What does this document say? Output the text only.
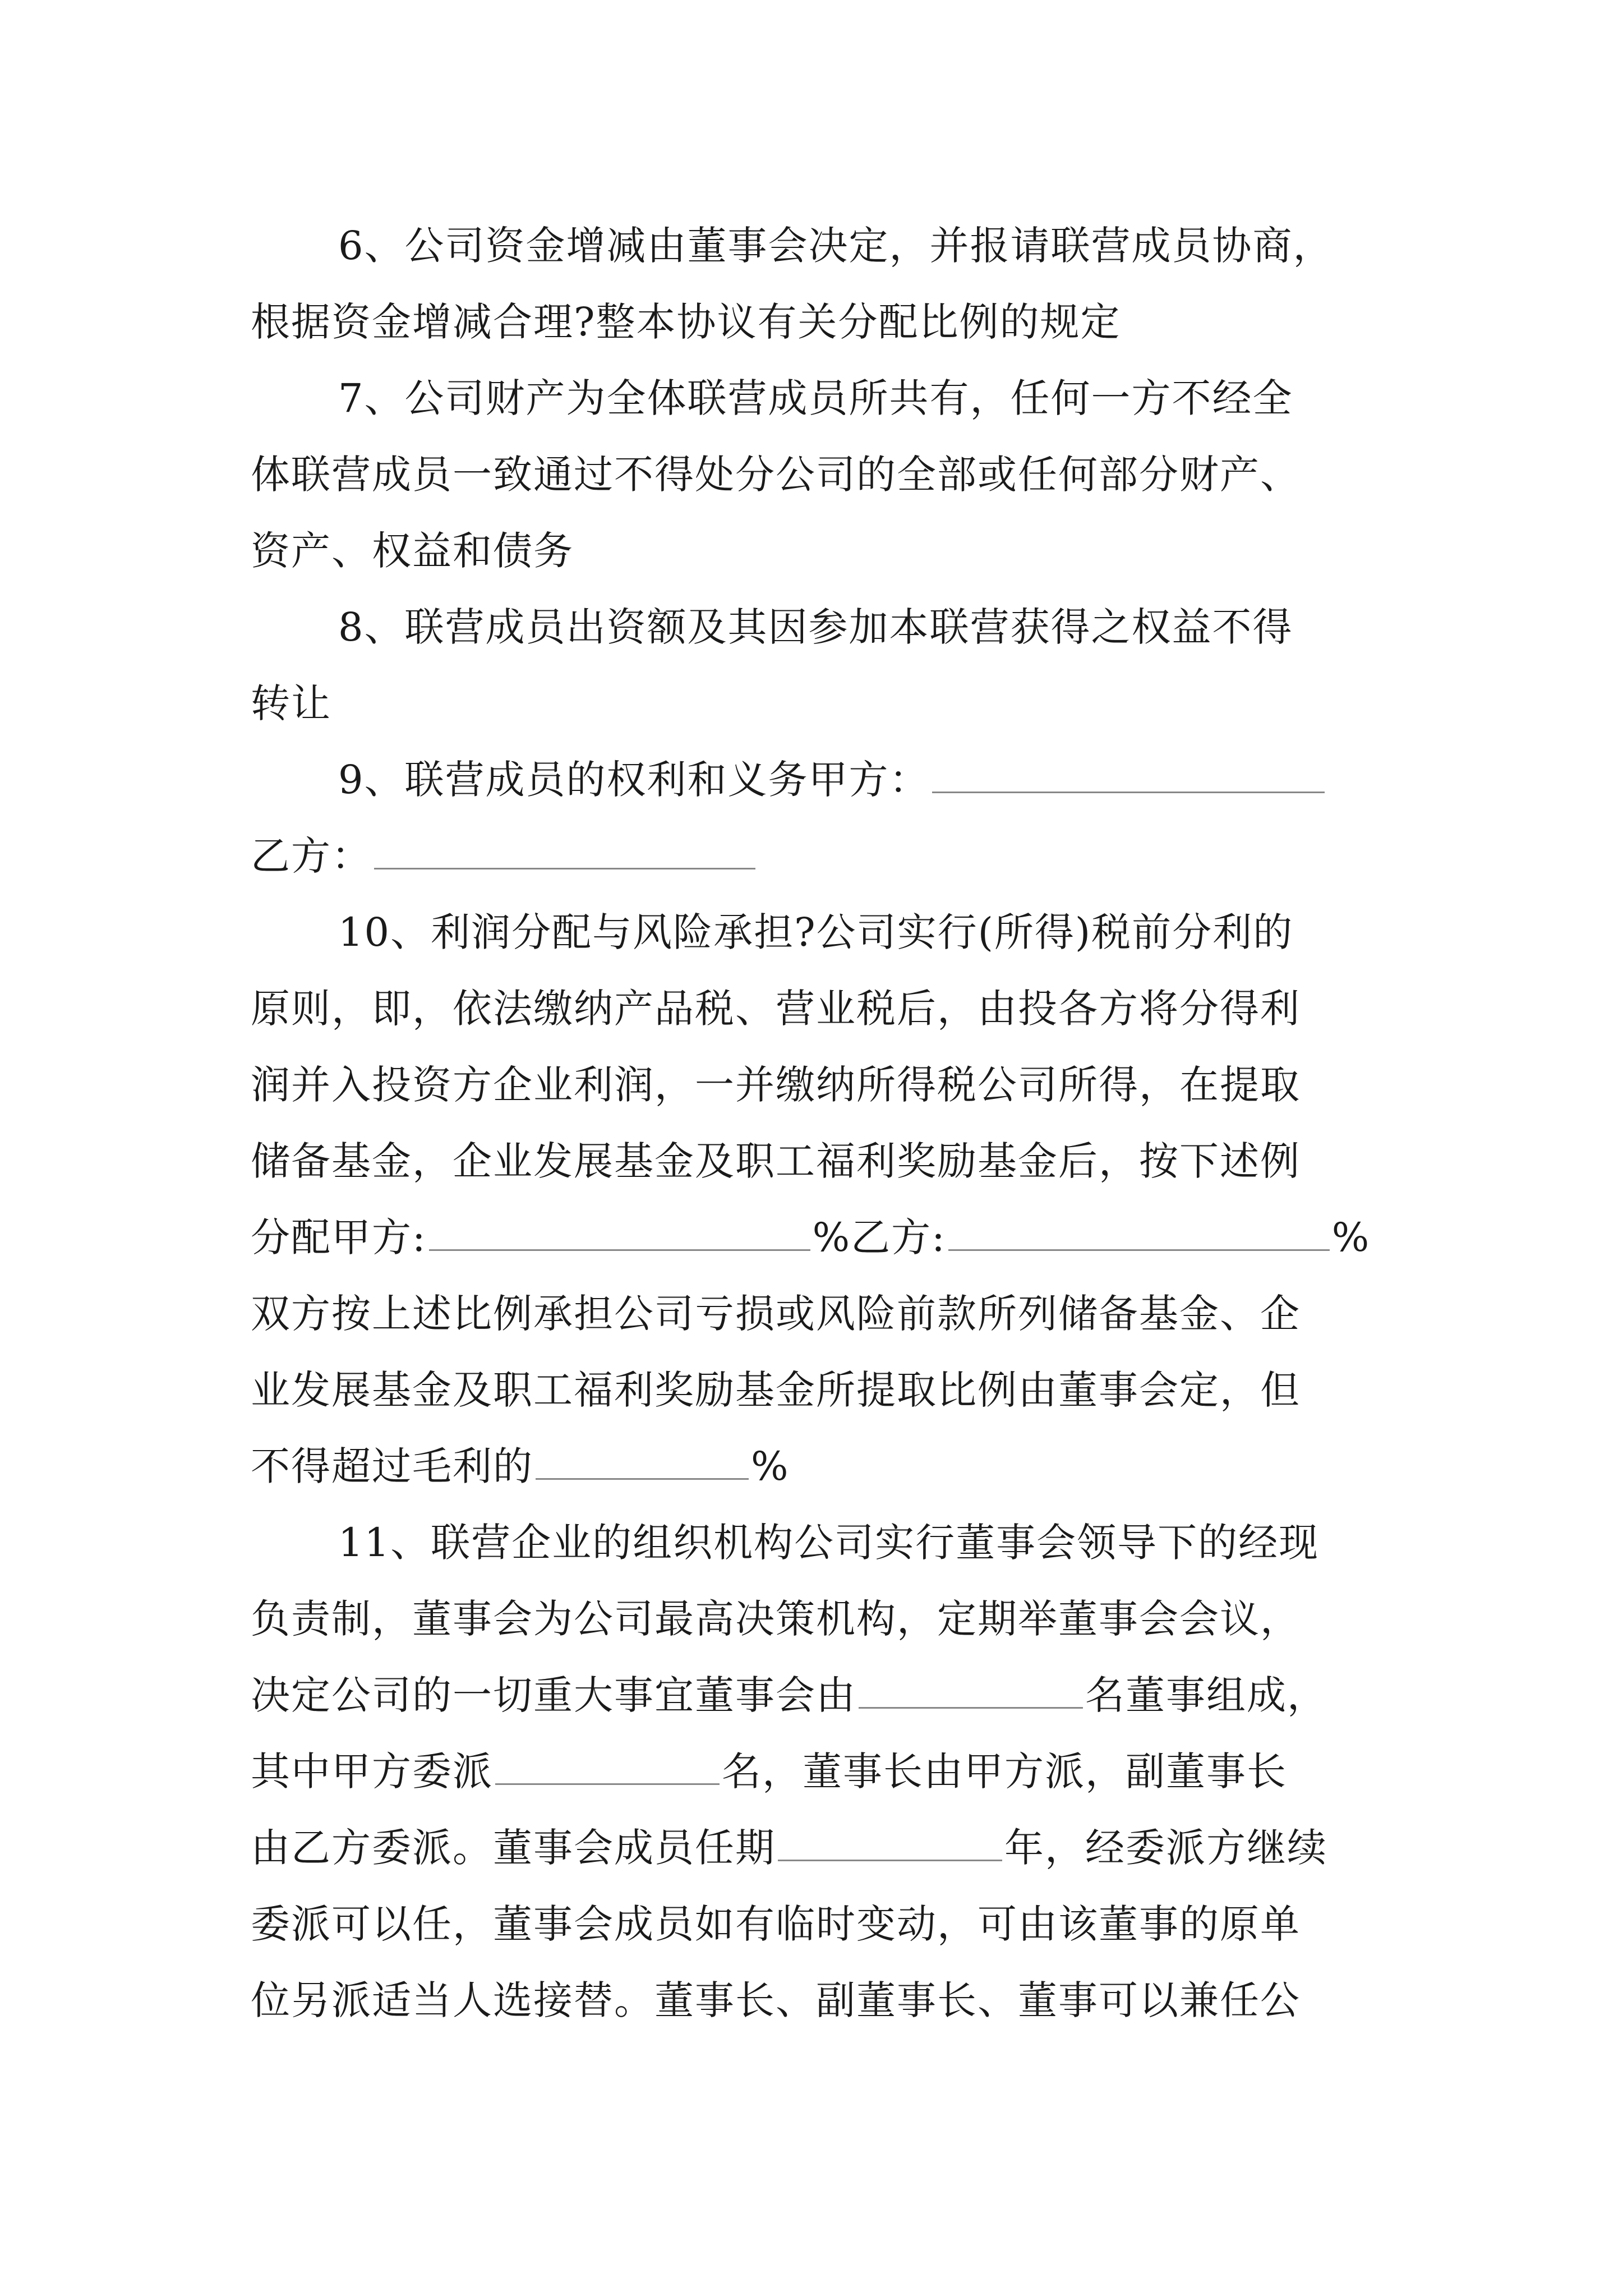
6、公司资金增减由董事会决定，并报请联营成员协商，
根据资金增减合理?整本协议有关分配比例的规定
7、公司财产为全体联营成员所共有，任何一方不经全
体联营成员一致通过不得处分公司的全部或任何部分财产、
资产、权益和债务
8、联营成员出资额及其因参加本联营获得之权益不得
转让
9、联营成员的权利和义务甲方：
乙方：
10、利润分配与风险承担?公司实行(所得)税前分利的
原则，即，依法缴纳产品税、营业税后，由投各方将分得利
润并入投资方企业利润，一并缴纳所得税公司所得，在提取
储备基金，企业发展基金及职工福利奖励基金后，按下述例
分配甲方:	%乙方:	%
双方按上述比例承担公司亏损或风险前款所列储备基金、企
业发展基金及职工福利奖励基金所提取比例由董事会定，但
不得超过毛利的	%
11、联营企业的组织机构公司实行董事会领导下的经现
负责制，董事会为公司最高决策机构，定期举董事会会议，
决定公司的一切重大事宜董事会由	名董事组成，
其中甲方委派	名，董事长由甲方派，副董事长
由乙方委派。董事会成员任期	年，经委派方继续
委派可以任，董事会成员如有临时变动，可由该董事的原单
位另派适当人选接替。董事长、副董事长、董事可以兼任公
